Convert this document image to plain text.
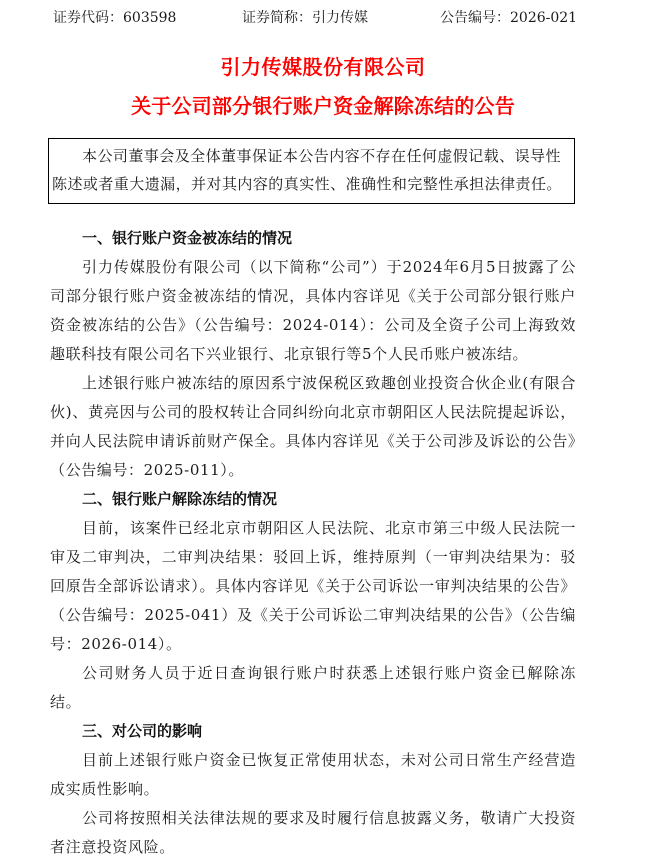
证券代码：603598	证券简称：引力传媒	公告编号：2026-021
引力传媒股份有限公司
关于公司部分银行账户资金解除冻结的公告

本公司董事会及全体董事保证本公告内容不存在任何虚假记载、误导性陈述或者重大遗漏，并对其内容的真实性、准确性和完整性承担法律责任。

一、银行账户资金被冻结的情况

引力传媒股份有限公司（以下简称“公司”）于2024年6月5日披露了公司部分银行账户资金被冻结的情况，具体内容详见《关于公司部分银行账户资金被冻结的公告》（公告编号：2024-014）：公司及全资子公司上海致效趣联科技有限公司名下兴业银行、北京银行等5个人民币账户被冻结。

上述银行账户被冻结的原因系宁波保税区致趣创业投资合伙企业(有限合伙)、黄亮因与公司的股权转让合同纠纷向北京市朝阳区人民法院提起诉讼，并向人民法院申请诉前财产保全。具体内容详见《关于公司涉及诉讼的公告》（公告编号：2025-011）。

二、银行账户解除冻结的情况

目前，该案件已经北京市朝阳区人民法院、北京市第三中级人民法院一审及二审判决，二审判决结果：驳回上诉，维持原判（一审判决结果为：驳回原告全部诉讼请求）。具体内容详见《关于公司诉讼一审判决结果的公告》（公告编号：2025-041）及《关于公司诉讼二审判决结果的公告》（公告编号：2026-014）。

公司财务人员于近日查询银行账户时获悉上述银行账户资金已解除冻结。

三、对公司的影响

目前上述银行账户资金已恢复正常使用状态，未对公司日常生产经营造成实质性影响。

公司将按照相关法律法规的要求及时履行信息披露义务，敬请广大投资者注意投资风险。
